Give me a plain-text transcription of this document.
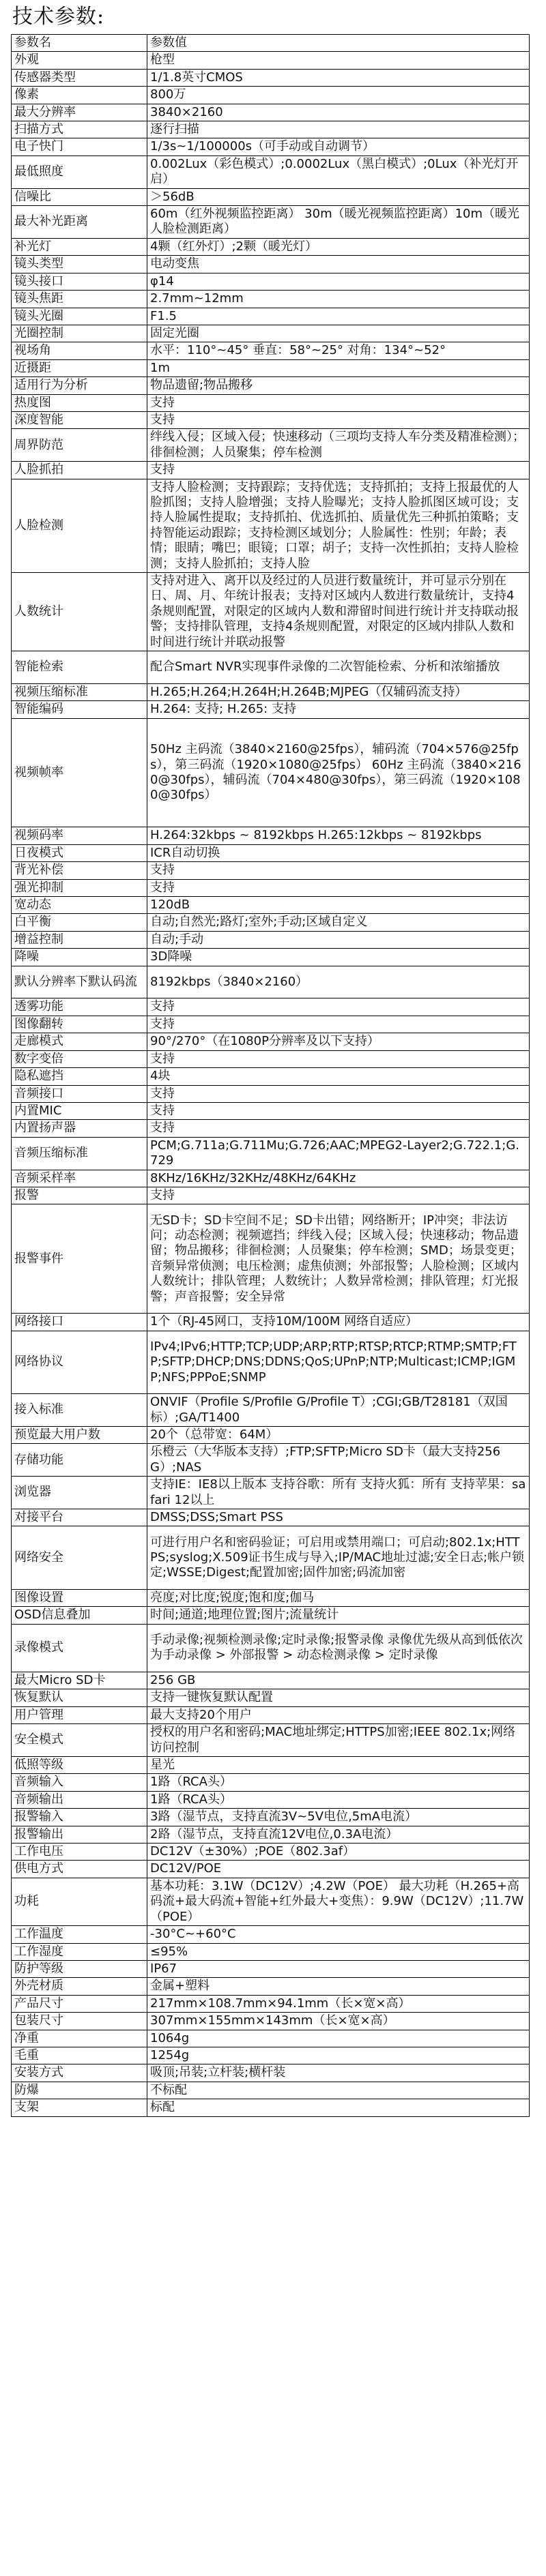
技术参数:
参数名	参数值
外观	枪型
传感器类型	1/1.8英寸CMOS
像素	800万
最大分辨率	3840×2160
扫描方式	逐行扫描
电子快门	1/3s~1/100000s（可手动或自动调节）
最低照度	0.002Lux（彩色模式）;0.0002Lux（黑白模式）;0Lux（补光灯开启）
信噪比	＞56dB
最大补光距离	60m（红外视频监控距离） 30m（暖光视频监控距离）10m（暖光人脸检测距离）
补光灯	4颗（红外灯）;2颗（暖光灯）
镜头类型	电动变焦
镜头接口	φ14
镜头焦距	2.7mm~12mm
镜头光圈	F1.5
光圈控制	固定光圈
视场角	水平：110°~45° 垂直：58°~25° 对角：134°~52°
近摄距	1m
适用行为分析	物品遗留;物品搬移
热度图	支持
深度智能	支持
周界防范	绊线入侵；区域入侵；快速移动（三项均支持人车分类及精准检测）；徘徊检测；人员聚集；停车检测
人脸抓拍	支持
人脸检测	支持人脸检测；支持跟踪；支持优选；支持抓拍；支持上报最优的人脸抓图；支持人脸增强；支持人脸曝光；支持人脸抓图区域可设；支持人脸属性提取；支持抓拍、优选抓拍、质量优先三种抓拍策略；支持智能运动跟踪；支持检测区域划分；人脸属性：性别；年龄；表情；眼睛；嘴巴；眼镜；口罩；胡子；支持一次性抓拍；支持人脸检测；支持人脸抓拍；支持人脸
人数统计	支持对进入、离开以及经过的人员进行数量统计，并可显示分别在日、周、月、年统计报表；支持对区域内人数进行数量统计，支持4条规则配置，对限定的区域内人数和滞留时间进行统计并支持联动报警；支持排队管理，支持4条规则配置，对限定的区域内排队人数和时间进行统计并联动报警
智能检索	配合Smart NVR实现事件录像的二次智能检索、分析和浓缩播放
视频压缩标准	H.265;H.264;H.264H;H.264B;MJPEG（仅辅码流支持）
智能编码	H.264: 支持; H.265: 支持
视频帧率	50Hz 主码流（3840×2160@25fps），辅码流（704×576@25fps），第三码流（1920×1080@25fps） 60Hz 主码流（3840×2160@30fps），辅码流（704×480@30fps），第三码流（1920×1080@30fps）
视频码率	H.264:32kbps ~ 8192kbps H.265:12kbps ~ 8192kbps
日夜模式	ICR自动切换
背光补偿	支持
强光抑制	支持
宽动态	120dB
白平衡	自动;自然光;路灯;室外;手动;区域自定义
增益控制	自动;手动
降噪	3D降噪
默认分辨率下默认码流	8192kbps（3840×2160）
透雾功能	支持
图像翻转	支持
走廊模式	90°/270°（在1080P分辨率及以下支持）
数字变倍	支持
隐私遮挡	4块
音频接口	支持
内置MIC	支持
内置扬声器	支持
音频压缩标准	PCM;G.711a;G.711Mu;G.726;AAC;MPEG2-Layer2;G.722.1;G.729
音频采样率	8KHz/16KHz/32KHz/48KHz/64KHz
报警	支持
报警事件	无SD卡；SD卡空间不足；SD卡出错；网络断开；IP冲突；非法访问；动态检测；视频遮挡；绊线入侵；区域入侵；快速移动；物品遗留；物品搬移；徘徊检测；人员聚集；停车检测；SMD；场景变更；音频异常侦测；电压检测；虚焦侦测；外部报警；人脸检测；区域内人数统计；排队管理；人数统计；人数异常检测；排队管理；灯光报警；声音报警；安全异常
网络接口	1个（RJ-45网口，支持10M/100M 网络自适应）
网络协议	IPv4;IPv6;HTTP;TCP;UDP;ARP;RTP;RTSP;RTCP;RTMP;SMTP;FTP;SFTP;DHCP;DNS;DDNS;QoS;UPnP;NTP;Multicast;ICMP;IGMP;NFS;PPPoE;SNMP
接入标准	ONVIF（Profile S/Profile G/Profile T）;CGI;GB/T28181（双国标）;GA/T1400
预览最大用户数	20个（总带宽：64M）
存储功能	乐橙云（大华版本支持）;FTP;SFTP;Micro SD卡（最大支持256G）;NAS
浏览器	支持IE：IE8以上版本 支持谷歌：所有 支持火狐：所有 支持苹果：safari 12以上
对接平台	DMSS;DSS;Smart PSS
网络安全	可进行用户名和密码验证；可启用或禁用端口；可启动;802.1x;HTTPS;syslog;X.509证书生成与导入;IP/MAC地址过滤;安全日志;帐户锁定;WSSE;Digest;配置加密;固件加密;码流加密
图像设置	亮度;对比度;锐度;饱和度;伽马
OSD信息叠加	时间;通道;地理位置;图片;流量统计
录像模式	手动录像;视频检测录像;定时录像;报警录像 录像优先级从高到低依次为手动录像 > 外部报警 > 动态检测录像 > 定时录像
最大Micro SD卡	256 GB
恢复默认	支持一键恢复默认配置
用户管理	最大支持20个用户
安全模式	授权的用户名和密码;MAC地址绑定;HTTPS加密;IEEE 802.1x;网络访问控制
低照等级	星光
音频输入	1路（RCA头）
音频输出	1路（RCA头）
报警输入	3路（湿节点，支持直流3V~5V电位,5mA电流）
报警输出	2路（湿节点，支持直流12V电位,0.3A电流）
工作电压	DC12V（±30%）;POE（802.3af）
供电方式	DC12V/POE
功耗	基本功耗：3.1W（DC12V）;4.2W（POE） 最大功耗（H.265+高码流+最大码流+智能+红外最大+变焦）：9.9W（DC12V）;11.7W（POE）
工作温度	-30°C~+60°C
工作湿度	≤95%
防护等级	IP67
外壳材质	金属+塑料
产品尺寸	217mm×108.7mm×94.1mm（长×宽×高）
包装尺寸	307mm×155mm×143mm（长×宽×高）
净重	1064g
毛重	1254g
安装方式	吸顶;吊装;立杆装;横杆装
防爆	不标配
支架	标配
